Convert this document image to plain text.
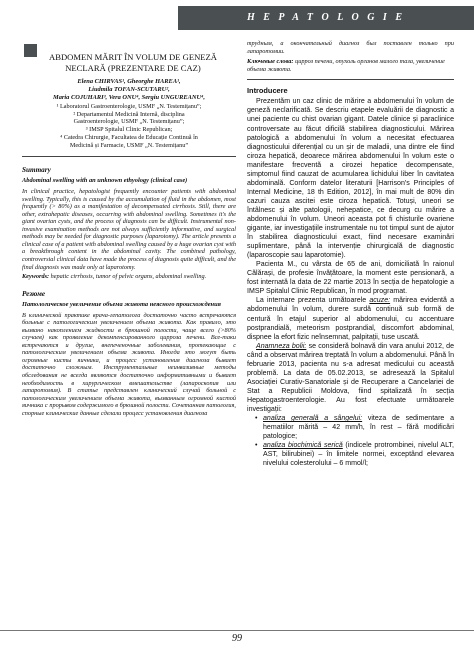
H E P A T O L O G I E
ABDOMEN MĂRIT ÎN VOLUM DE GENEZĂ NECLARĂ (PREZENTARE DE CAZ)
Elena CHIRVAS¹, Gheorghe HAREA¹,
Liudmila TOFAN-SCUTARU²,
Maria COJUHARI³, Vera ONU⁴, Sergiu UNGUREANU⁴,
¹ Laboratorul Gastroenterologie, USMF „N. Testemițanu”;
² Departamentul Medicină Internă, disciplina
Gastroenterologie, USMF „N. Testemițanu”;
³ IMSP Spitalul Clinic Republican;
⁴ Catedra Chirurgie, Facultatea de Educație Continuă în
Medicină și Farmacie, USMF „N. Testemițanu”
Summary
Abdominal swelling with an unknown ethyology (clinical case)
In clinical practice, hepatologist frequently encounter patients with abdominal swelling. Typically, this is caused by the accumulation of fluid in the abdomen, most frequently (> 80%) as a manifestation of decompensated cirrhosis. Still, there are other, extrahepatic diseases, occurring with abdominal swelling. Sometimes it's the giant ovarian cysts, and the process of diagnosis can be difficult. Instrumental non-invasive examination methods are not always sufficiently informative, and surgical methods may be needed for diagnostic purposes (laparotomy). The article presents a clinical case of a patient with abdominal swelling caused by a huge ovarian cyst with a breakthrough content in the abdominal cavity. The combined pathology, controversial clinical data have made the process of diagnosis quite difficult, and the final diagnosis was made only at laparotomy.
Keywords: hepatic cirrhosis, tumor of pelvic organs, abdominal swelling.
Резюме
Патологическое увеличение объема живота неясного происхождения
В клинической практике врача-гепатолога достаточно часто встречаются больные с патологическим увеличением объема живота. Как правило, это вызвано накоплением жидкости в брюшной полости, чаще всего (>80% случаев) как проявление декомпенсированного цирроза печени. Все-таки встречаются и другие, внепеченочные заболевания, протекающие с патологическим увеличением объема живота. Иногда это могут быть огромные кисты яичника, и процесс установления диагноза бывает достаточно сложным. Инструментальные неинвазивные методы обследования не всегда являются достаточно информативными и бывает необходимость в хирургическом вмешательстве (лапароскопия или лапаротомия). В статье представлен клинический случай больной с патологическим увеличением объема живота, вызванным огромной кистой яичника с прорывом содержимого в брюшной полости. Сочетанная патология, спорные клинические данные сделали процесс установления диагноза
трудным, а окончательный диагноз был поставлен только при лапаротомии.
Ключевые слова: цирроз печени, опухоль органов малого таза, увеличение объема живота.
Introducere

Prezentăm un caz clinic de mărire a abdomenului în volum de geneză neclarificată. Se descriu etapele evaluării de diagnostic a unei paciente cu chist ovarian gigant. Datele clinice și paraclinice controversate au făcut dificilă stabilirea diagnosticului. Mărirea patologică a abdomenului în volum a necesitat efectuarea diagnosticului diferențial cu un șir de maladii, una dintre ele fiind ciroza hepatică, deoarece mărirea abdomenului în volum este o manifestare frecventă a cirozei hepatice decompensate, simptomul fiind cauzat de acumularea lichidului liber în cavitatea abdominală. Conform datelor literaturii [Harrison's Principles of Internal Medicine, 18 th Edition, 2012], în mai mult de 80% din cazuri cauza ascitei este ciroza hepatică. Totuși, uneori se întâlnesc și alte patologii, nehepatice, ce decurg cu mărire a abdomenului în volum. Uneori aceasta pot fi chisturile ovariene gigante, iar investigațiile instrumentale nu tot timpul sunt de ajutor în stabilirea diagnosticului exact, fiind necesare examinări suplimentare, până la intervenție chirurgicală de diagnostic (laparoscopie sau laparotomie).

Pacienta M., cu vârsta de 65 de ani, domiciliată în raionul Călărași, de profesie învățătoare, la moment este pensionară, a fost internată la data de 22 martie 2013 în secția de hepatologie a IMSP Spitalul Clinic Republican, în mod programat.

La internare prezenta următoarele acuze: mărirea evidentă a abdomenului în volum, durere surdă continuă sub formă de centură în etajul superior al abdomenului, cu accentuare postprandială, meteorism postprandial, discomfort abdominal, dispnee la efort fizic neînsemnat, palpitații, tuse uscată.

Anamneza bolii: se consideră bolnavă din vara anului 2012, de când a observat mărirea treptată în volum a abdomenului. Până în februarie 2013, pacienta nu s-a adresat medicului cu această problemă. La data de 05.02.2013, se adresează la Spitalul Asociației Curativ-Sanatoriale și de Recuperare a Cancelariei de Stat a Republicii Moldova, fiind spitalizată în secția Hepatogastroenterologie. Au fost efectuate următoarele investigații:

• analiza generală a sângelui: viteza de sedimentare a hematiilor mărită – 42 mm/h, în rest – fără modificări patologice;
• analiza biochimică serică (indicele protrombinei, nivelul ALT, AST, bilirubinei) – în limitele normei, exceptând elevarea nivelului colesterolului – 6 mmol/l;
99
